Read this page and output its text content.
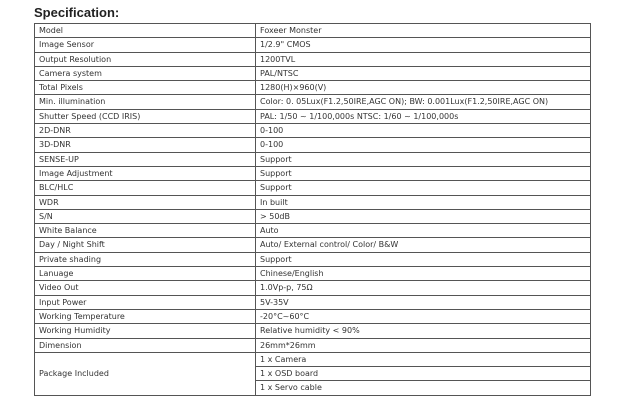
Specification:
Model	Foxeer Monster
Image Sensor	1/2.9" CMOS
Output Resolution	1200TVL
Camera system	PAL/NTSC
Total Pixels	1280(H)×960(V)
Min. illumination	Color: 0. 05Lux(F1.2,50IRE,AGC ON); BW: 0.001Lux(F1.2,50IRE,AGC ON)
Shutter Speed (CCD IRIS)	PAL: 1/50 ~ 1/100,000s NTSC: 1/60 ~ 1/100,000s
2D-DNR	0-100
3D-DNR	0-100
SENSE-UP	Support
Image Adjustment	Support
BLC/HLC	Support
WDR	In built
S/N	> 50dB
White Balance	Auto
Day / Night Shift	Auto/ External control/ Color/ B&W
Private shading	Support
Lanuage	Chinese/English
Video Out	1.0Vp-p, 75Ω
Input Power	5V-35V
Working Temperature	-20°C~60°C
Working Humidity	Relative humidity < 90%
Dimension	26mm*26mm
Package Included	1 x Camera
	1 x OSD board
	1 x Servo cable
